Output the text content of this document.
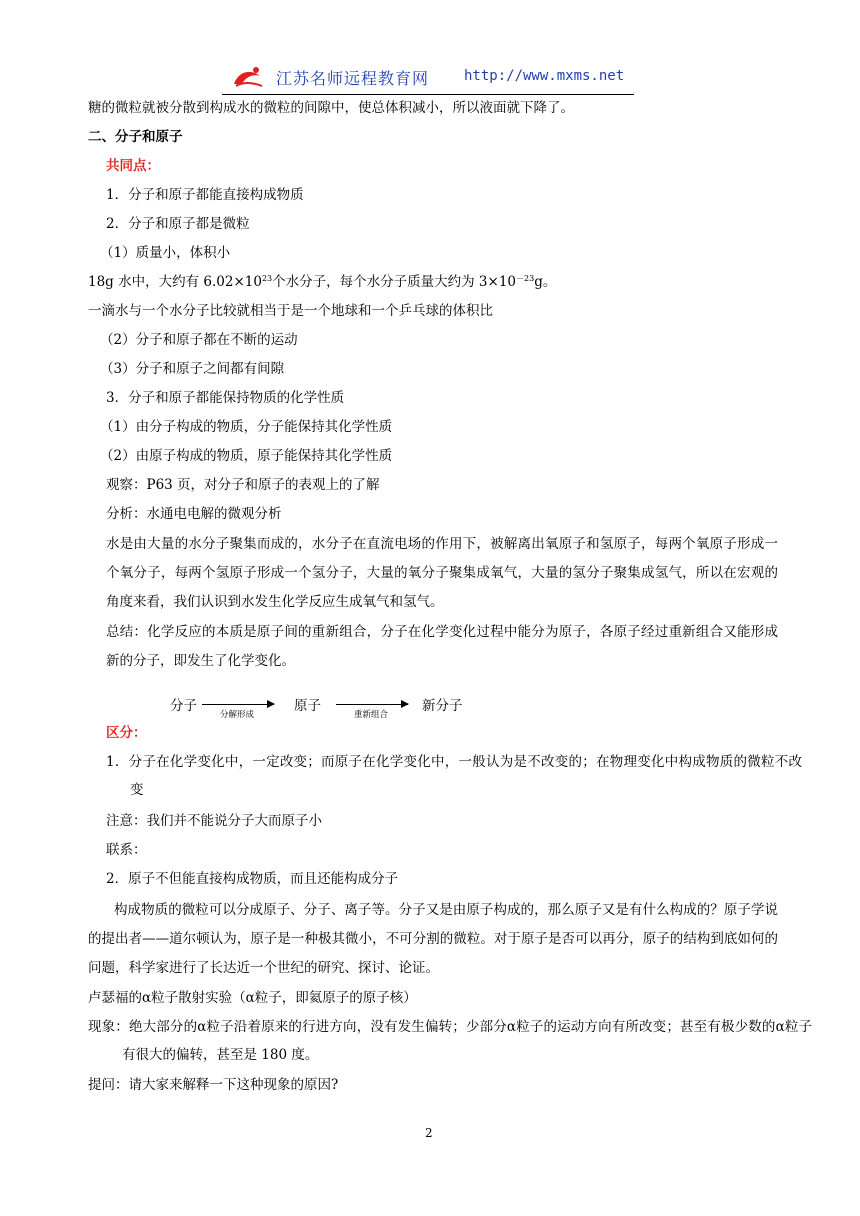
江苏名师远程教育网 http://www.mxms.net
糖的微粒就被分散到构成水的微粒的间隙中，使总体积减小，所以液面就下降了。
二、分子和原子
共同点：
1．分子和原子都能直接构成物质
2．分子和原子都是微粒
（1）质量小，体积小
18g 水中，大约有 $6.02\times 10^{23}$个水分子，每个水分子质量大约为 $3\times 10^{-23}g$。
一滴水与一个水分子比较就相当于是一个地球和一个乒乓球的体积比
（2）分子和原子都在不断的运动
（3）分子和原子之间都有间隙
3．分子和原子都能保持物质的化学性质
（1）由分子构成的物质，分子能保持其化学性质
（2）由原子构成的物质，原子能保持其化学性质
观察：P63 页，对分子和原子的表观上的了解
分析：水通电电解的微观分析
水是由大量的水分子聚集而成的，水分子在直流电场的作用下，被解离出氧原子和氢原子，每两个氧原子形成一个氧分子，每两个氢原子形成一个氢分子，大量的氧分子聚集成氧气，大量的氢分子聚集成氢气，所以在宏观的角度来看，我们认识到水发生化学反应生成氧气和氢气。
总结：化学反应的本质是原子间的重新组合，分子在化学变化过程中能分为原子，各原子经过重新组合又能形成新的分子，即发生了化学变化。
分子
分解形成
原子
重新组合
新分子
区分：
1．分子在化学变化中，一定改变；而原子在化学变化中，一般认为是不改变的；在物理变化中构成物质的微粒不改变
注意：我们并不能说分子大而原子小
联系：
2．原子不但能直接构成物质，而且还能构成分子
构成物质的微粒可以分成原子、分子、离子等。分子又是由原子构成的，那么原子又是有什么构成的？原子学说的提出者——道尔顿认为，原子是一种极其微小，不可分割的微粒。对于原子是否可以再分，原子的结构到底如何的问题，科学家进行了长达近一个世纪的研究、探讨、论证。
卢瑟福的α粒子散射实验（α粒子，即氦原子的原子核）
现象：绝大部分的α粒子沿着原来的行进方向，没有发生偏转；少部分α粒子的运动方向有所改变；甚至有极少数的α粒子有很大的偏转，甚至是 180 度。
提问：请大家来解释一下这种现象的原因?
2
